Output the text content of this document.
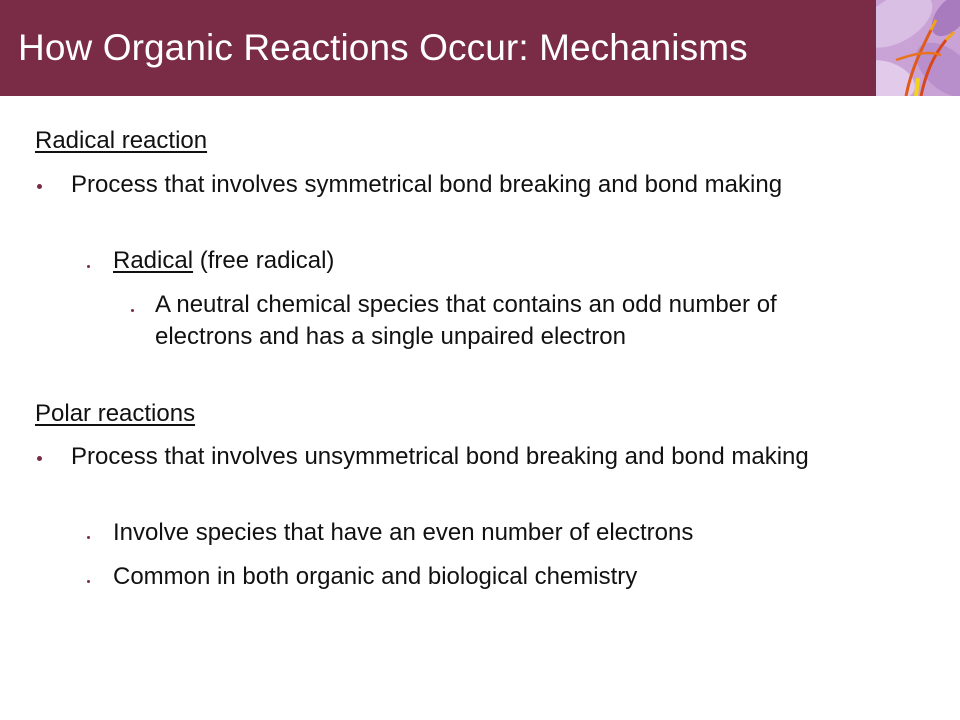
How Organic Reactions Occur: Mechanisms
Radical reaction
Process that involves symmetrical bond breaking and bond making
Radical (free radical)
A neutral chemical species that contains an odd number of electrons and has a single unpaired electron
Polar reactions
Process that involves unsymmetrical bond breaking and bond making
Involve species that have an even number of electrons
Common in both organic and biological chemistry
